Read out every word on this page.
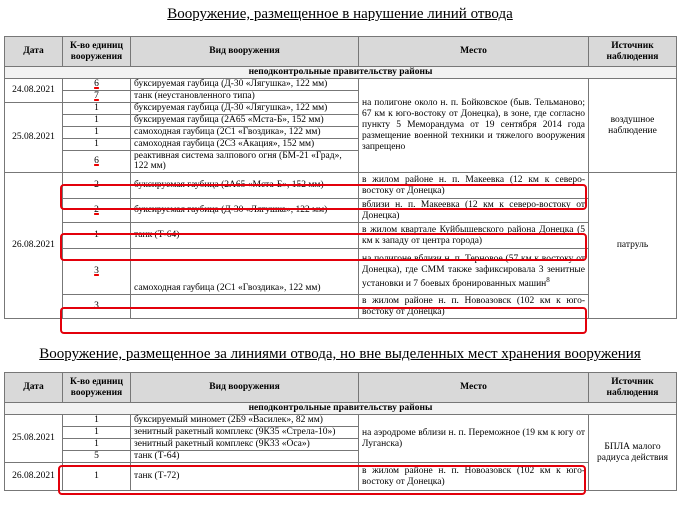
Вооружение, размещенное в нарушение линий отвода
Дата	К-во единиц вооружения	Вид вооружения	Место	Источник наблюдения
неподконтрольные правительству районы				
24.08.2021	6	буксируемая гаубица (Д-30 «Лягушка», 122 мм)	на полигоне около н. п. Бойковское (быв. Тельманово; 67 км к юго-востоку от Донецка), в зоне, где согласно пункту 5 Меморандума от 19 сентября 2014 года размещение военной техники и тяжелого вооружения запрещено	воздушное наблюдение
	7	танк (неустановленного типа)		
25.08.2021	1	буксируемая гаубица (Д-30 «Лягушка», 122 мм)		
	1	буксируемая гаубица (2А65 «Мста-Б», 152 мм)		
	1	самоходная гаубица (2С1 «Гвоздика», 122 мм)		
	1	самоходная гаубица (2С3 «Акация», 152 мм)		
	6	реактивная система залпового огня (БМ-21 «Град», 122 мм)		
26.08.2021	2	буксируемая гаубица (2А65 «Мста-Б», 152 мм)	в жилом районе н. п. Макеевка (12 км к северо-востоку от Донецка)	патруль
	2	буксируемая гаубица (Д-30 «Лягушка», 122 мм)	вблизи н. п. Макеевка (12 км к северо-востоку от Донецка)	
	1	танк (Т-64)	в жилом квартале Куйбышевского района Донецка (5 км к западу от центра города)	
	3	самоходная гаубица (2С1 «Гвоздика», 122 мм)	на полигоне вблизи н. п. Терновое (57 км к востоку от Донецка), где СММ также зафиксировала 3 зенитные установки и 7 боевых бронированных машин$^8$
	3		в жилом районе н. п. Новоазовск (102 км к юго-востоку от Донецка)	
Вооружение, размещенное за линиями отвода, но вне выделенных мест хранения вооружения
Дата	К-во единиц вооружения	Вид вооружения	Место	Источник наблюдения
неподконтрольные правительству районы				
25.08.2021	1	буксируемый миномет (2Б9 «Василек», 82 мм)	на аэродроме вблизи н. п. Переможное (19 км к югу от Луганска)	БПЛА малого радиуса действия
	1	зенитный ракетный комплекс (9К35 «Стрела-10»)		
	1	зенитный ракетный комплекс (9К33 «Оса»)		
	5	танк (Т-64)		
26.08.2021	1	танк (Т-72)	в жилом районе н. п. Новоазовск (102 км к юго-востоку от Донецка)	
